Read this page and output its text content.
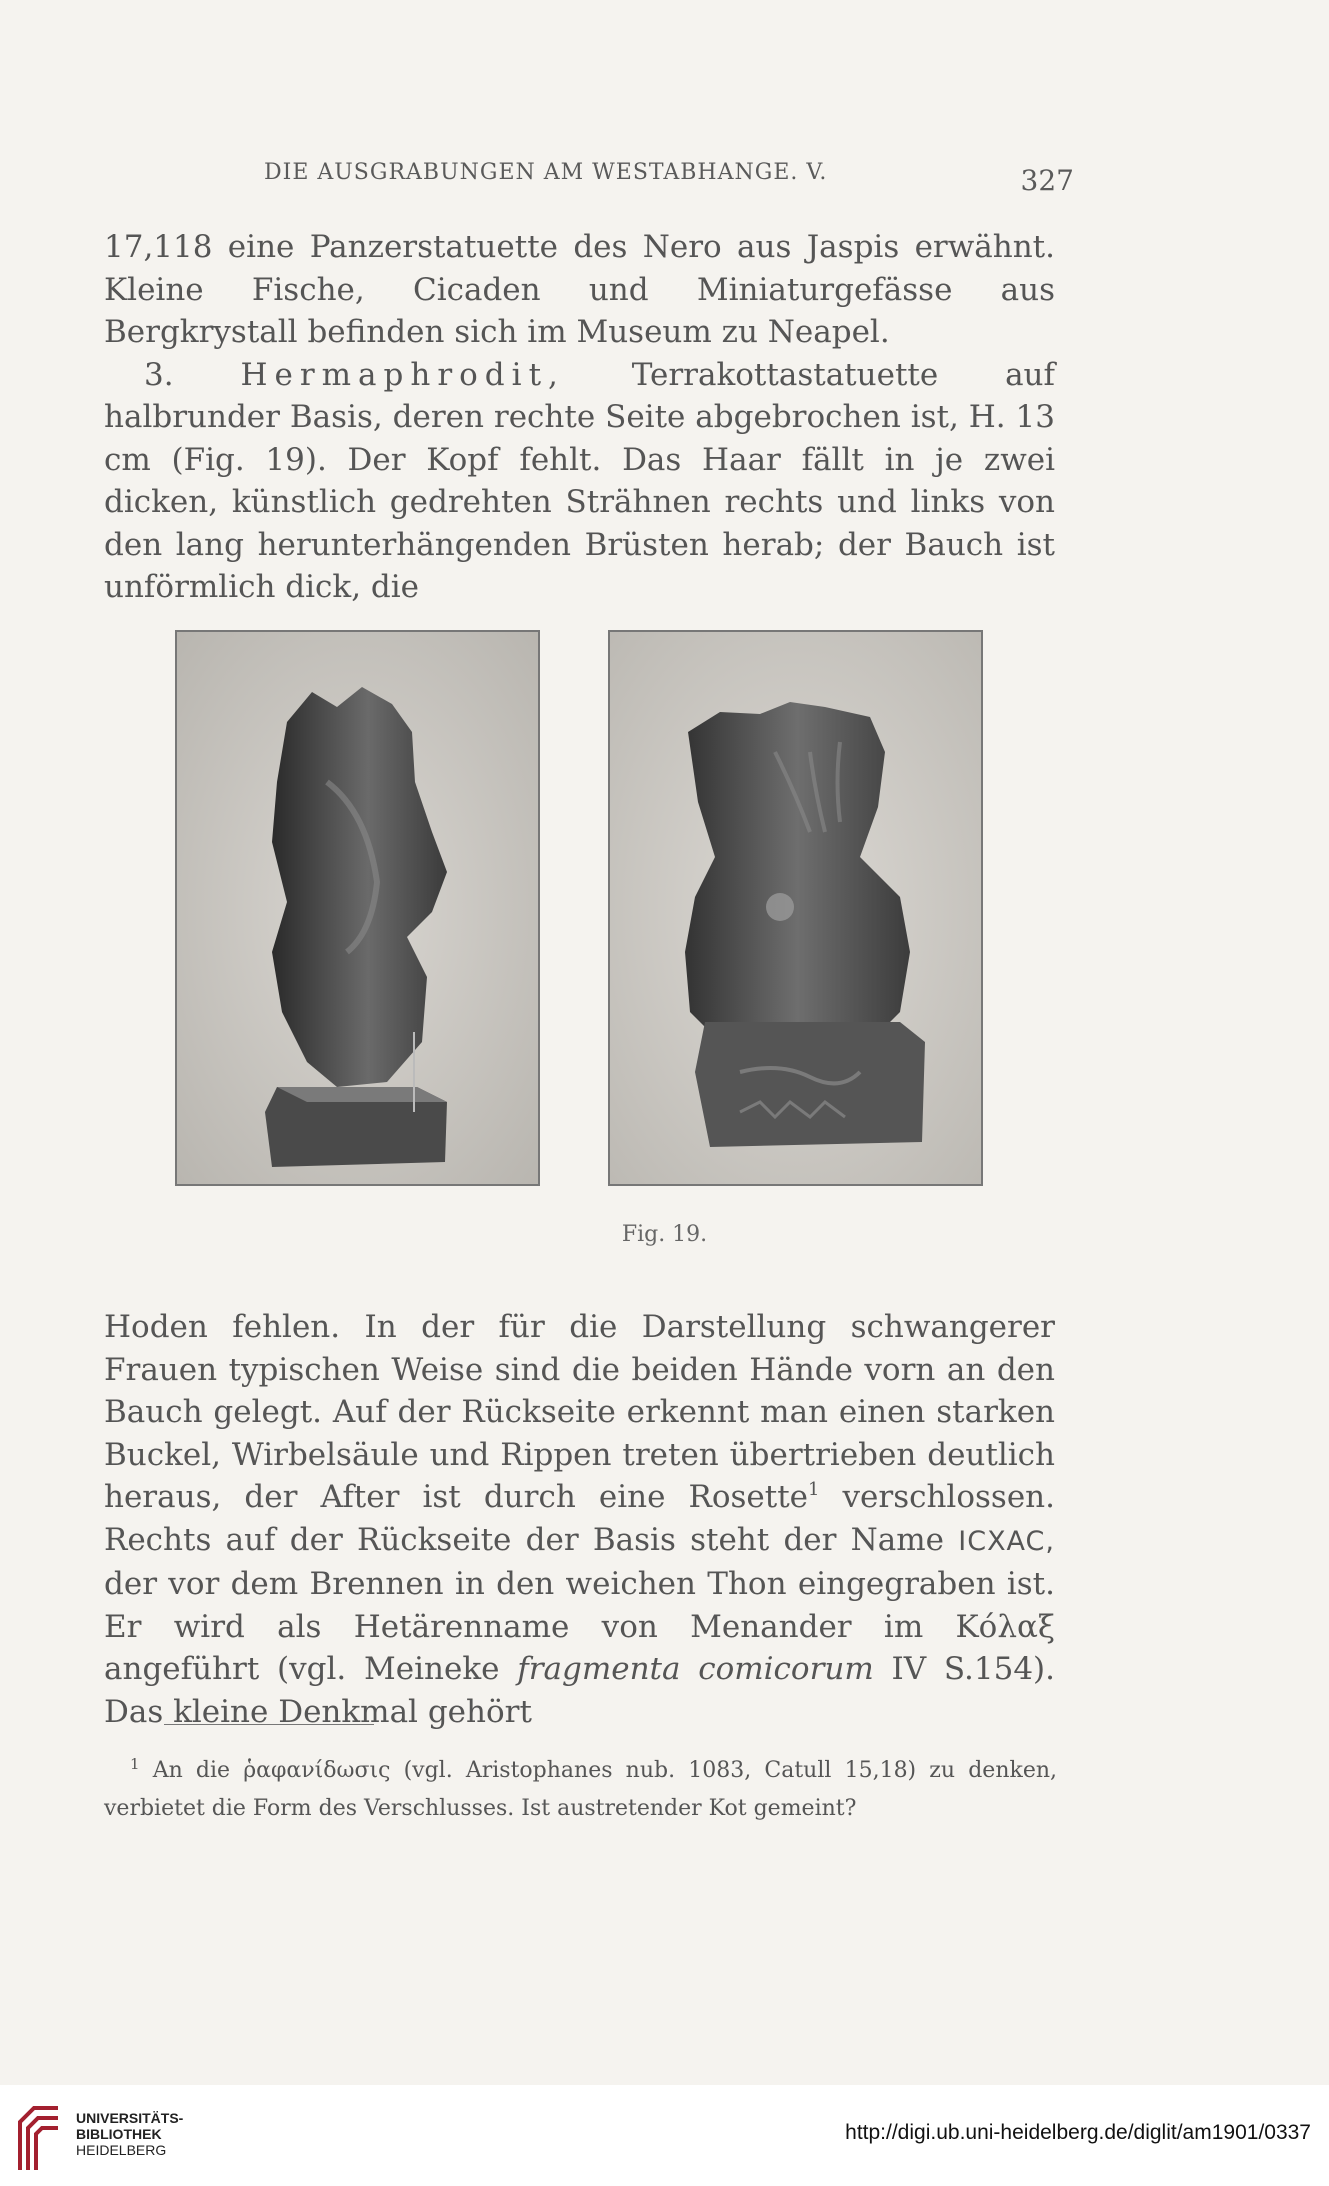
DIE AUSGRABUNGEN AM WESTABHANGE. V.	327

17,118 eine Panzerstatuette des Nero aus Jaspis erwähnt. Kleine Fische, Cicaden und Miniaturgefässe aus Bergkrystall befinden sich im Museum zu Neapel.

3. Hermaphrodit, Terrakottastatuette auf halbrunder Basis, deren rechte Seite abgebrochen ist, H. 13 cm (Fig. 19). Der Kopf fehlt. Das Haar fällt in je zwei dicken, künstlich gedrehten Strähnen rechts und links von den lang herunterhängenden Brüsten herab; der Bauch ist unförmlich dick, die

Fig. 19.

Hoden fehlen. In der für die Darstellung schwangerer Frauen typischen Weise sind die beiden Hände vorn an den Bauch gelegt. Auf der Rückseite erkennt man einen starken Buckel, Wirbelsäule und Rippen treten übertrieben deutlich heraus, der After ist durch eine Rosette$^1$ verschlossen. Rechts auf der Rückseite der Basis steht der Name ICXAC, der vor dem Brennen in den weichen Thon eingegraben ist. Er wird als Hetärenname von Menander im Κόλαξ angeführt (vgl. Meineke fragmenta comicorum IV S.154). Das kleine Denkmal gehört

$^1$ An die ῥαφανίδωσις (vgl. Aristophanes nub. 1083, Catull 15,18) zu denken, verbietet die Form des Verschlusses. Ist austretender Kot gemeint?

UNIVERSITÄTS-
BIBLIOTHEK
HEIDELBERG
http://digi.ub.uni-heidelberg.de/diglit/am1901/0337
